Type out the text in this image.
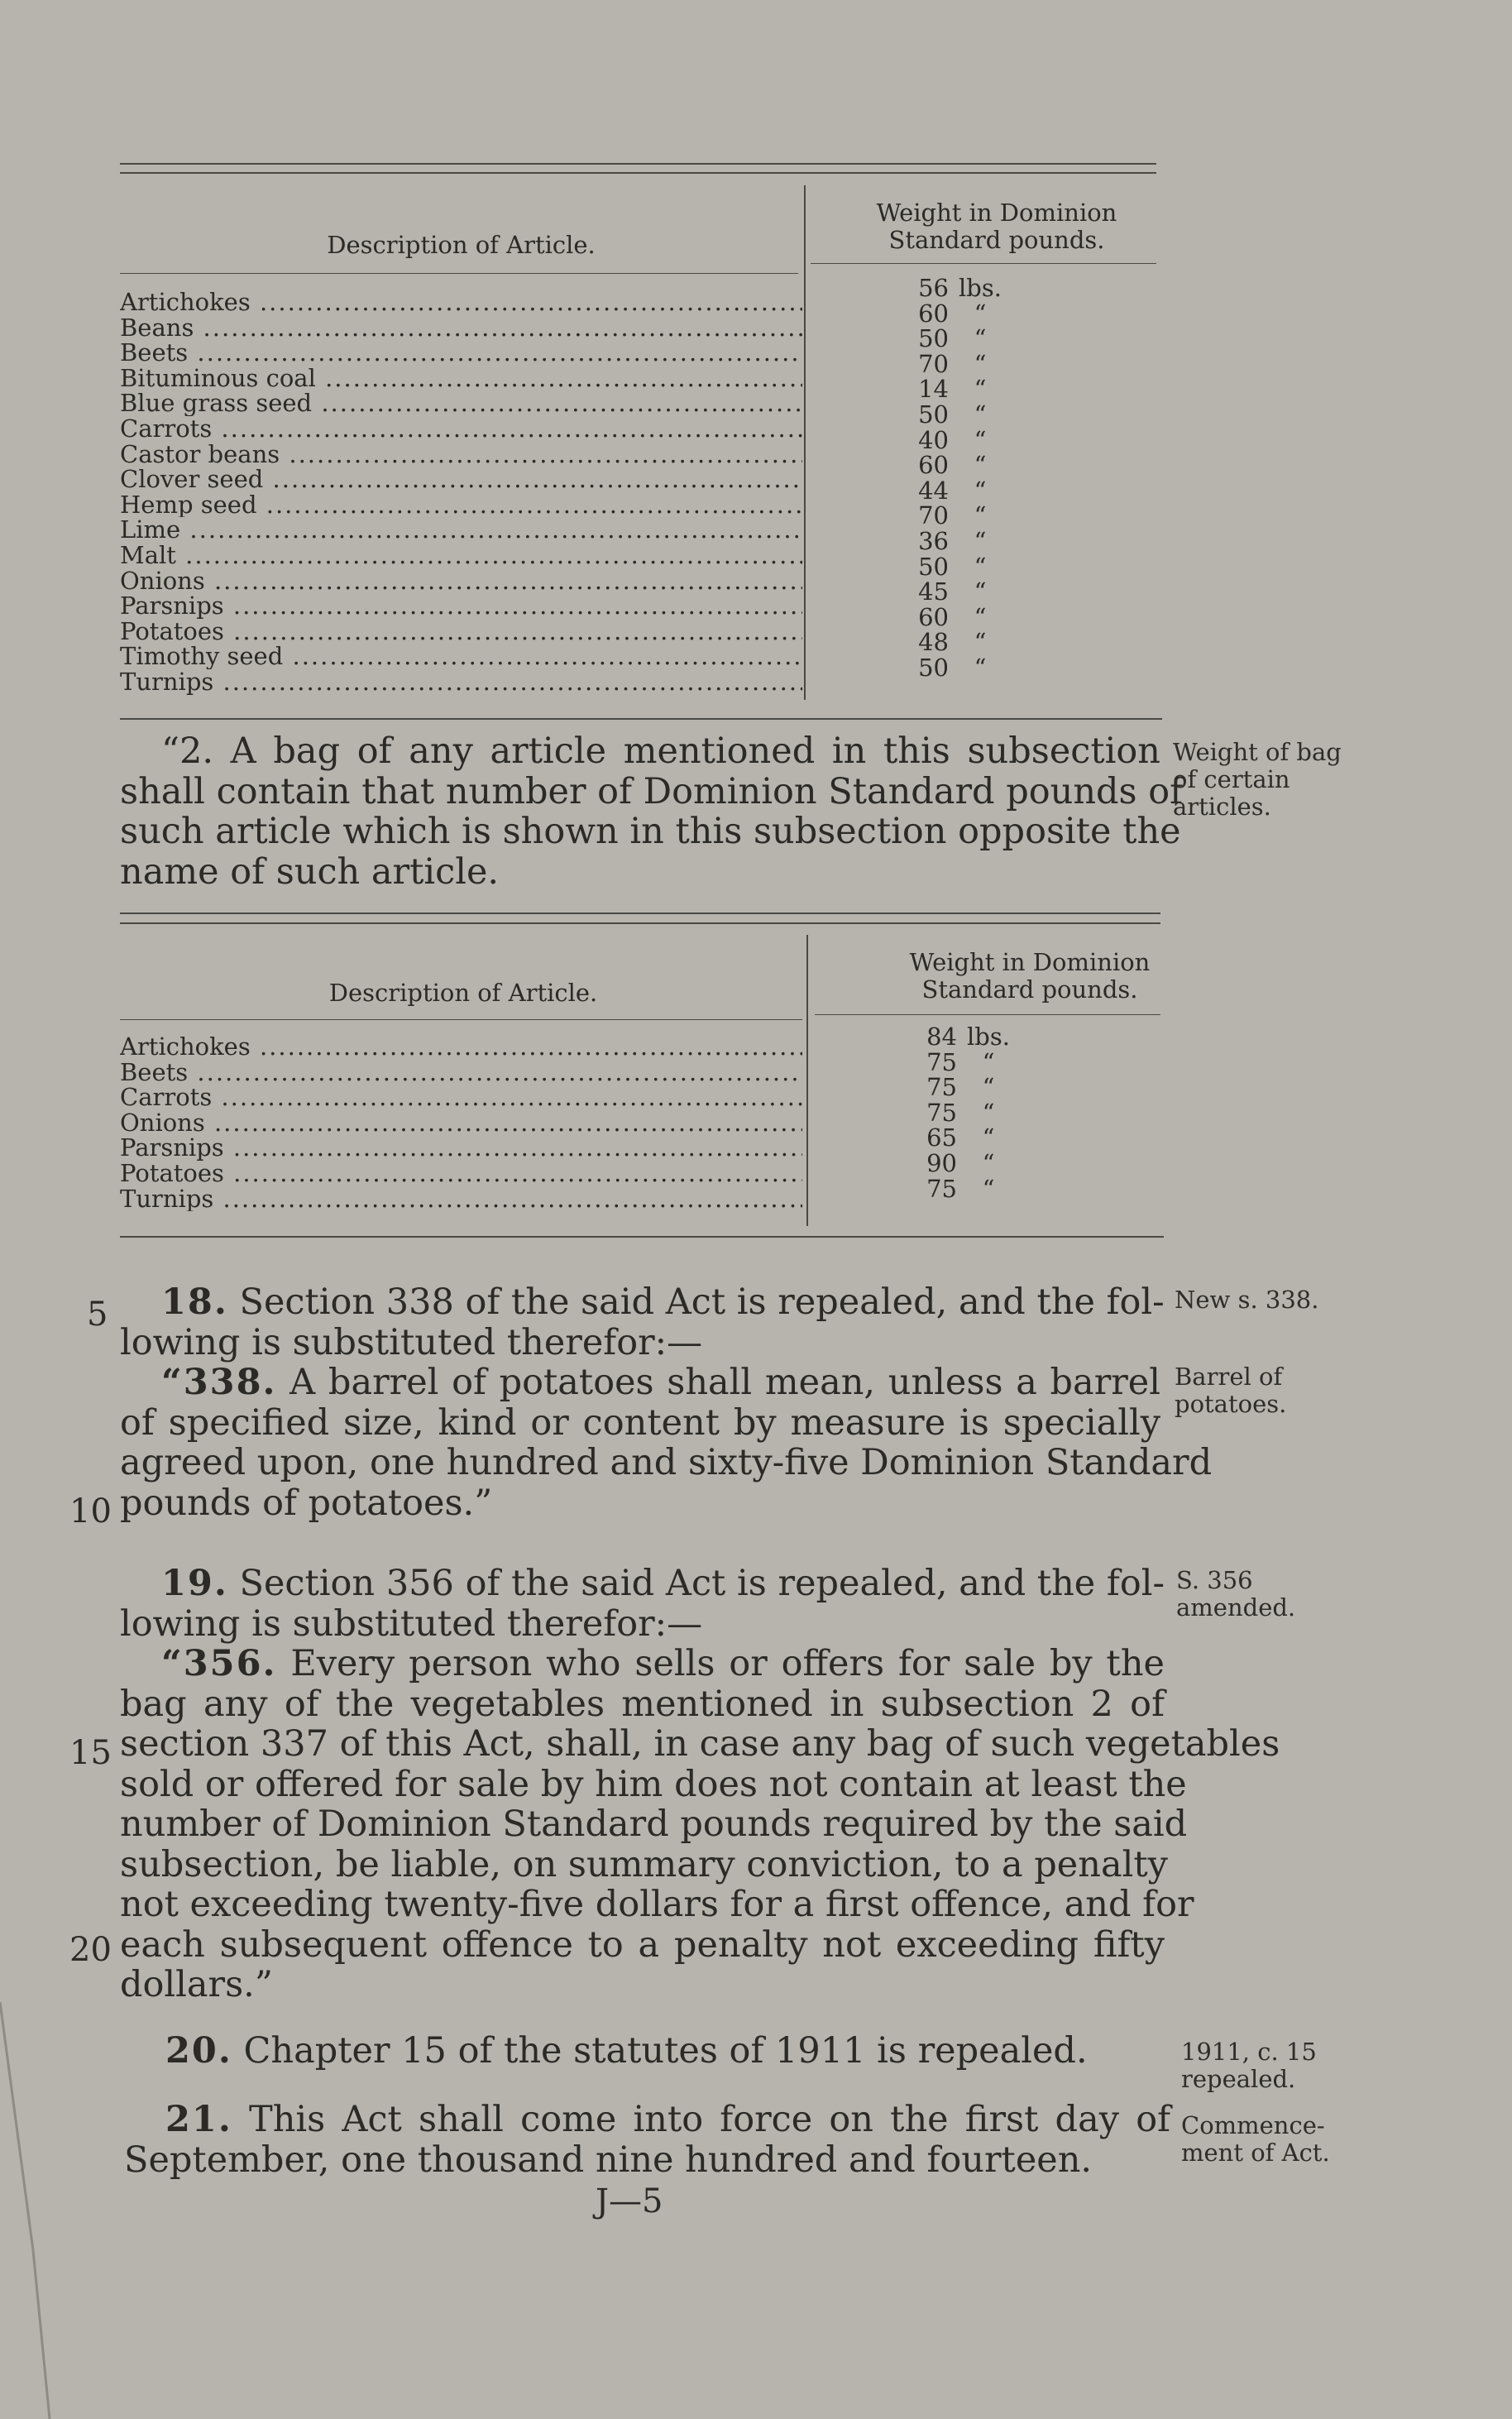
Description of Article.
Weight in Dominion
Standard pounds.
Artichokes .....
Beans .....
Beets .....
Bituminous coal .....
Blue grass seed .....
Carrots .....
Castor beans .....
Clover seed .....
Hemp seed .....
Lime .....
Malt .....
Onions .....
Parsnips .....
Potatoes .....
Timothy seed .....
Turnips .....
56 lbs.
60 “
50 “
70 “
14 “
50 “
40 “
60 “
44 “
70 “
36 “
50 “
45 “
60 “
48 “
50 “
“2. A bag of any article mentioned in this subsection
shall contain that number of Dominion Standard pounds of
such article which is shown in this subsection opposite the
name of such article.
Weight of bag
of certain
articles.
Description of Article.
Weight in Dominion
Standard pounds.
Artichokes .....
Beets .....
Carrots .....
Onions .....
Parsnips .....
Potatoes .....
Turnips .....
84 lbs.
75 “
75 “
75 “
65 “
90 “
75 “
18. Section 338 of the said Act is repealed, and the fol-
lowing is substituted therefor:—
“338. A barrel of potatoes shall mean, unless a barrel
of specified size, kind or content by measure is specially
agreed upon, one hundred and sixty-five Dominion Standard
pounds of potatoes.”
New s. 338.
Barrel of
potatoes.
19. Section 356 of the said Act is repealed, and the fol-
lowing is substituted therefor:—
“356. Every person who sells or offers for sale by the
bag any of the vegetables mentioned in subsection 2 of
section 337 of this Act, shall, in case any bag of such vegetables
sold or offered for sale by him does not contain at least the
number of Dominion Standard pounds required by the said
subsection, be liable, on summary conviction, to a penalty
not exceeding twenty-five dollars for a first offence, and for
each subsequent offence to a penalty not exceeding fifty
dollars.”
S. 356
amended.
20. Chapter 15 of the statutes of 1911 is repealed.	1911, c. 15
repealed.
21. This Act shall come into force on the first day of
September, one thousand nine hundred and fourteen.
Commence-
ment of Act.
5
10
15
20
J—5
